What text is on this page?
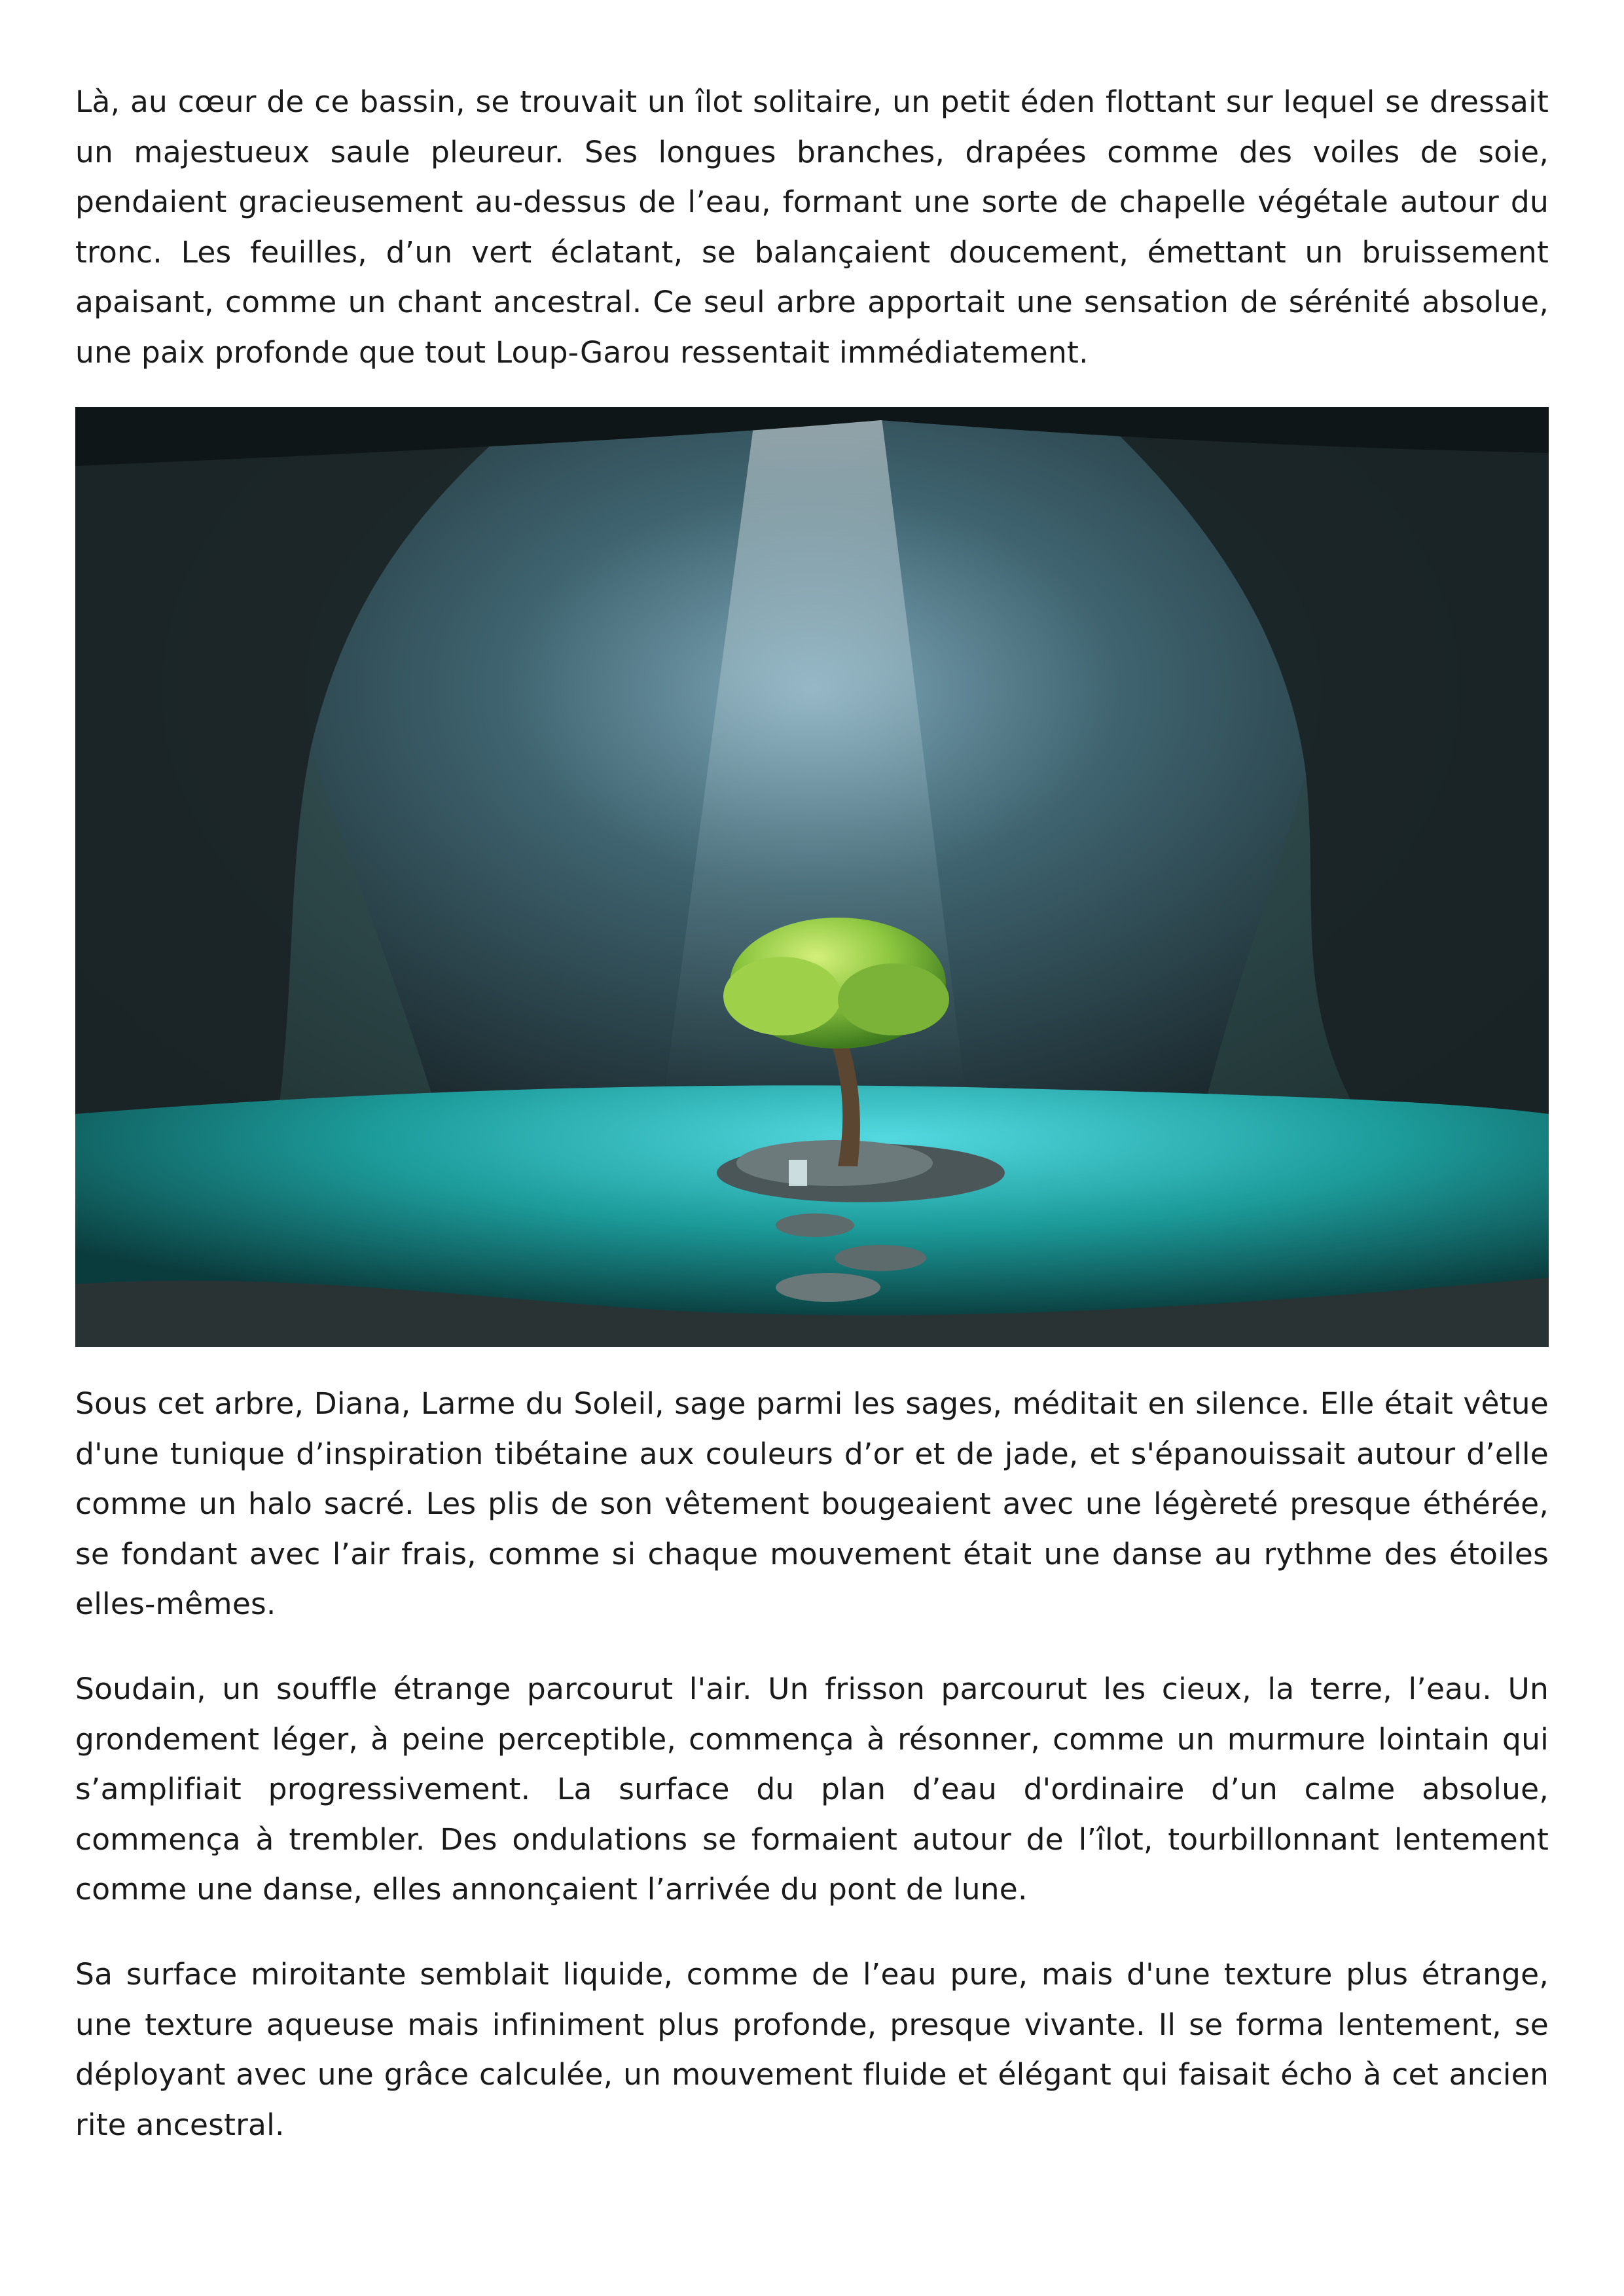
Là, au cœur de ce bassin, se trouvait un îlot solitaire, un petit éden flottant sur lequel se dressait un majestueux saule pleureur. Ses longues branches, drapées comme des voiles de soie, pendaient gracieusement au-dessus de l’eau, formant une sorte de chapelle végétale autour du tronc. Les feuilles, d’un vert éclatant, se balançaient doucement, émettant un bruissement apaisant, comme un chant ancestral. Ce seul arbre apportait une sensation de sérénité absolue, une paix profonde que tout Loup-Garou ressentait immédiatement.

Sous cet arbre, Diana, Larme du Soleil, sage parmi les sages, méditait en silence. Elle était vêtue d'une tunique d’inspiration tibétaine aux couleurs d’or et de jade, et s'épanouissait autour d’elle comme un halo sacré. Les plis de son vêtement bougeaient avec une légèreté presque éthérée, se fondant avec l’air frais, comme si chaque mouvement était une danse au rythme des étoiles elles-mêmes.

Soudain, un souffle étrange parcourut l'air. Un frisson parcourut les cieux, la terre, l’eau. Un grondement léger, à peine perceptible, commença à résonner, comme un murmure lointain qui s’amplifiait progressivement. La surface du plan d’eau d'ordinaire d’un calme absolue, commença à trembler. Des ondulations se formaient autour de l’îlot, tourbillonnant lentement comme une danse, elles annonçaient l’arrivée du pont de lune.

Sa surface miroitante semblait liquide, comme de l’eau pure, mais d'une texture plus étrange, une texture aqueuse mais infiniment plus profonde, presque vivante. Il se forma lentement, se déployant avec une grâce calculée, un mouvement fluide et élégant qui faisait écho à cet ancien rite ancestral.
